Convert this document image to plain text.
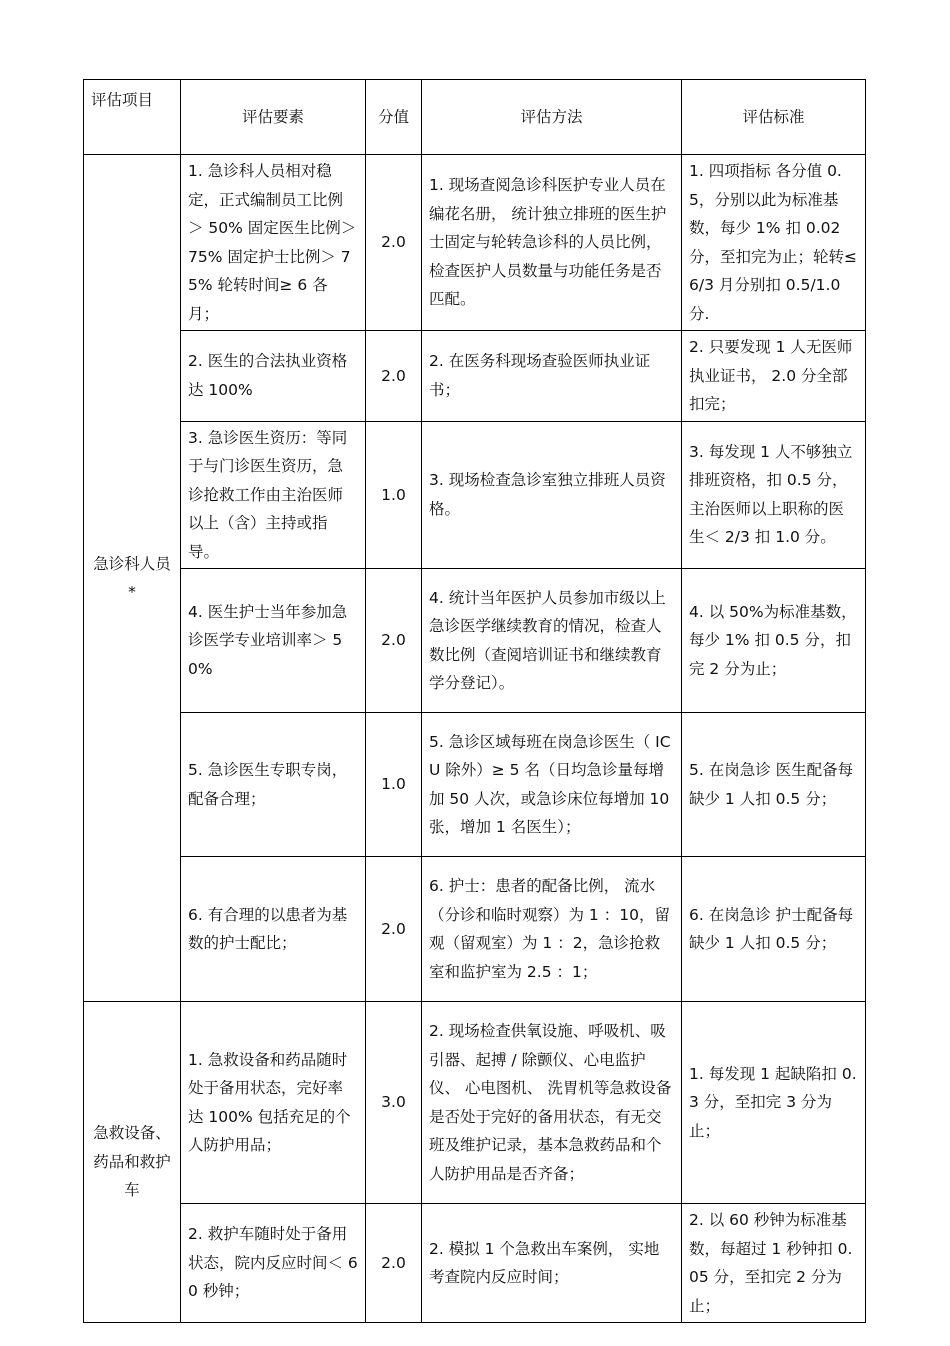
评估项目	评估要素	分值	评估方法	评估标准
急诊科人员 *	1. 急诊科人员相对稳定，正式编制员工比例＞ 50% 固定医生比例＞ 75% 固定护士比例＞ 75% 轮转时间≥ 6 各月；	2.0	1. 现场查阅急诊科医护专业人员在编花名册， 统计独立排班的医生护士固定与轮转急诊科的人员比例， 检查医护人员数量与功能任务是否匹配。	1. 四项指标 各分值 0.5，分别以此为标准基数，每少 1% 扣 0.02 分，至扣完为止；轮转≤ 6/3 月分别扣 0.5/1.0 分.
	2. 医生的合法执业资格达 100%	2.0	2. 在医务科现场查验医师执业证书；	2. 只要发现 1 人无医师执业证书， 2.0 分全部扣完；
	3. 急诊医生资历：等同于与门诊医生资历，急诊抢救工作由主治医师以上（含）主持或指导。	1.0	3. 现场检查急诊室独立排班人员资格。	3. 每发现 1 人不够独立排班资格，扣 0.5 分，主治医师以上职称的医生＜ 2/3 扣 1.0 分。
	4. 医生护士当年参加急诊医学专业培训率＞ 50%	2.0	4. 统计当年医护人员参加市级以上急诊医学继续教育的情况，检查人数比例（查阅培训证书和继续教育学分登记）。	4. 以 50%为标准基数，每少 1% 扣 0.5 分，扣完 2 分为止；
	5. 急诊医生专职专岗，配备合理；	1.0	5. 急诊区域每班在岗急诊医生（ ICU 除外）≥ 5 名（日均急诊量每增加 50 人次，或急诊床位每增加 10 张，增加 1 名医生）；	5. 在岗急诊 医生配备每缺少 1 人扣 0.5 分；
	6. 有合理的以患者为基数的护士配比；	2.0	6. 护士：患者的配备比例， 流水（分诊和临时观察）为 1 ：10，留观（留观室）为 1 ：2，急诊抢救室和监护室为 2.5 ：1；	6. 在岗急诊 护士配备每缺少 1 人扣 0.5 分；
急救设备、药品和救护车	1. 急救设备和药品随时处于备用状态，完好率达 100% 包括充足的个人防护用品；	3.0	2. 现场检查供氧设施、呼吸机、吸引器、起搏 / 除颤仪、心电监护仪、 心电图机、 洗胃机等急救设备是否处于完好的备用状态，有无交班及维护记录，基本急救药品和个人防护用品是否齐备；	1. 每发现 1 起缺陷扣 0.3 分，至扣完 3 分为止；
	2. 救护车随时处于备用状态，院内反应时间＜ 60 秒钟；	2.0	2. 模拟 1 个急救出车案例， 实地考查院内反应时间；	2. 以 60 秒钟为标准基数，每超过 1 秒钟扣 0.05 分，至扣完 2 分为止；
